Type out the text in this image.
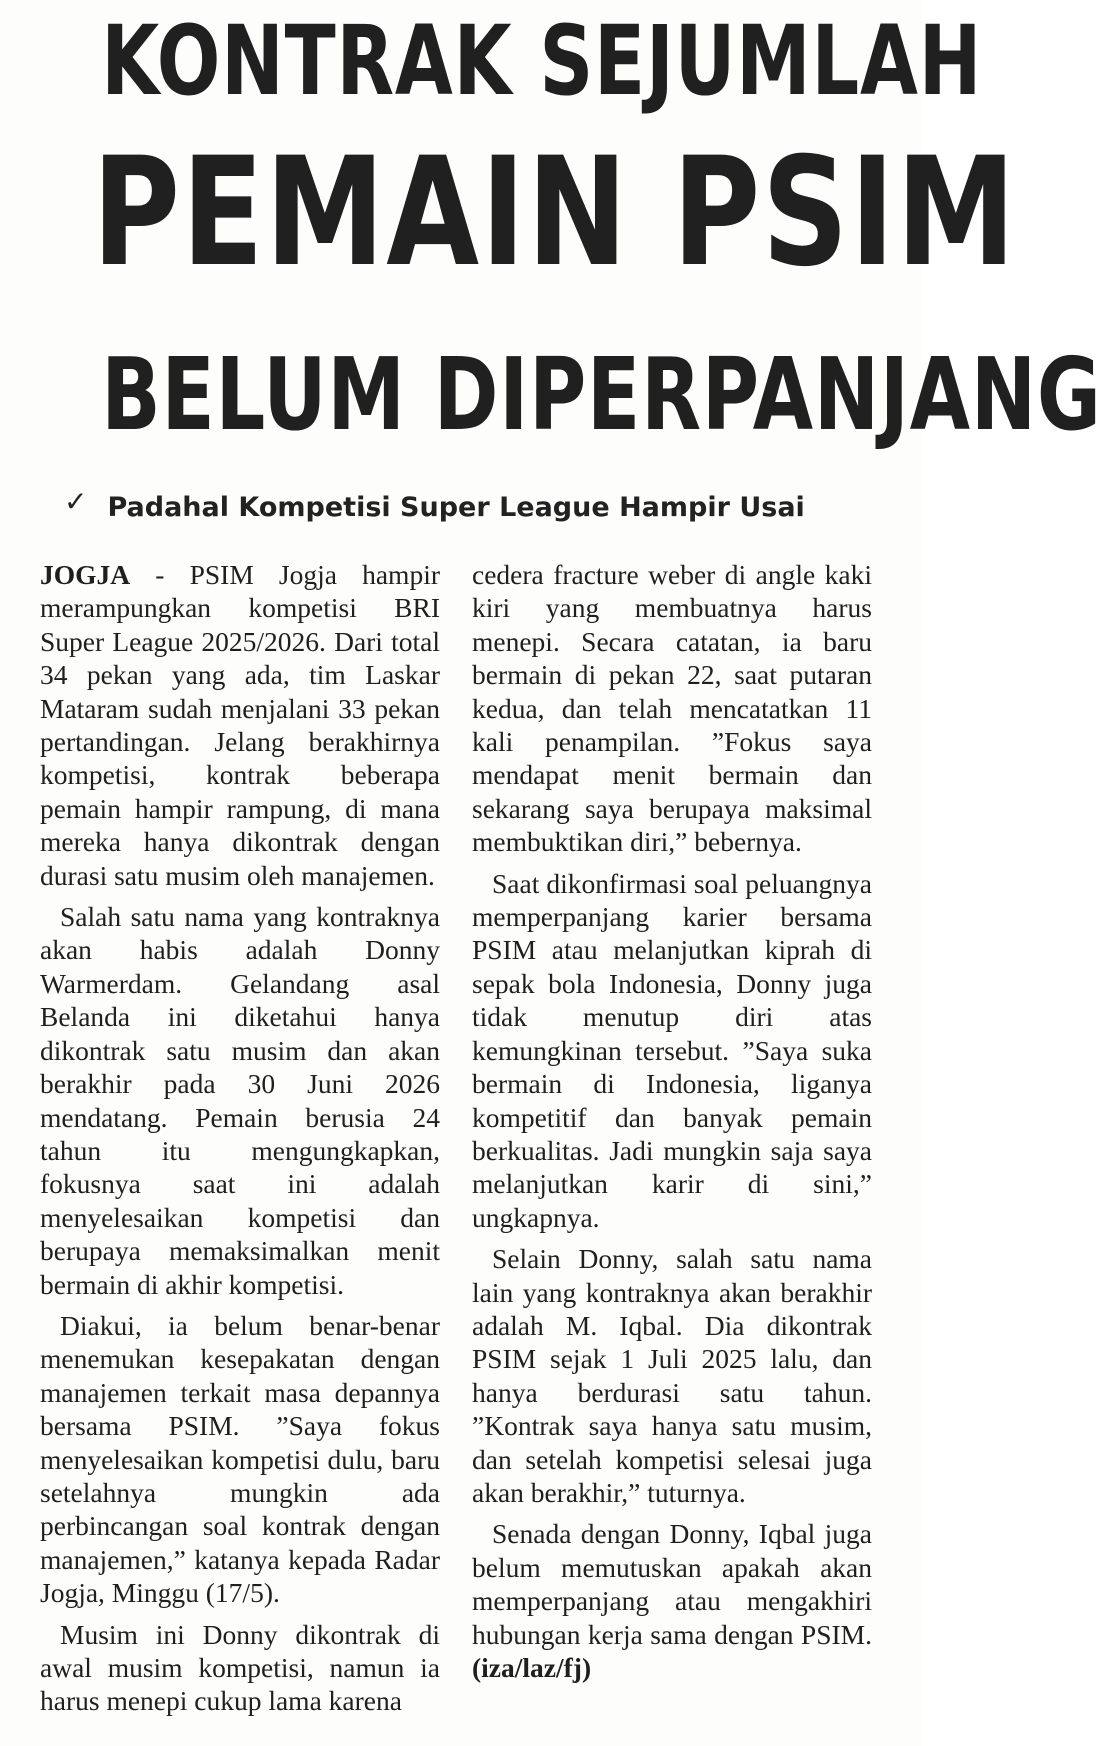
KONTRAK SEJUMLAH
PEMAIN PSIM
BELUM DIPERPANJANG
✓ Padahal Kompetisi Super League Hampir Usai

JOGJA - PSIM Jogja hampir merampungkan kompetisi BRI Super League 2025/2026. Dari total 34 pekan yang ada, tim Laskar Mataram sudah menjalani 33 pekan pertandingan. Jelang berakhirnya kompetisi, kontrak beberapa pemain hampir rampung, di mana mereka hanya dikontrak dengan durasi satu musim oleh manajemen.

Salah satu nama yang kontraknya akan habis adalah Donny Warmerdam. Gelandang asal Belanda ini diketahui hanya dikontrak satu musim dan akan berakhir pada 30 Juni 2026 mendatang. Pemain berusia 24 tahun itu mengungkapkan, fokusnya saat ini adalah menyelesaikan kompetisi dan berupaya memaksimalkan menit bermain di akhir kompetisi.

Diakui, ia belum benar-benar menemukan kesepakatan dengan manajemen terkait masa depannya bersama PSIM. ”Saya fokus menyelesaikan kompetisi dulu, baru setelahnya mungkin ada perbincangan soal kontrak dengan manajemen,” katanya kepada Radar Jogja, Minggu (17/5).

Musim ini Donny dikontrak di awal musim kompetisi, namun ia harus menepi cukup lama karena

cedera fracture weber di angle kaki kiri yang membuatnya harus menepi. Secara catatan, ia baru bermain di pekan 22, saat putaran kedua, dan telah mencatatkan 11 kali penampilan. ”Fokus saya mendapat menit bermain dan sekarang saya berupaya maksimal membuktikan diri,” bebernya.

Saat dikonfirmasi soal peluangnya memperpanjang karier bersama PSIM atau melanjutkan kiprah di sepak bola Indonesia, Donny juga tidak menutup diri atas kemungkinan tersebut. ”Saya suka bermain di Indonesia, liganya kompetitif dan banyak pemain berkualitas. Jadi mungkin saja saya melanjutkan karir di sini,” ungkapnya.

Selain Donny, salah satu nama lain yang kontraknya akan berakhir adalah M. Iqbal. Dia dikontrak PSIM sejak 1 Juli 2025 lalu, dan hanya berdurasi satu tahun. ”Kontrak saya hanya satu musim, dan setelah kompetisi selesai juga akan berakhir,” tuturnya.

Senada dengan Donny, Iqbal juga belum memutuskan apakah akan memperpanjang atau mengakhiri hubungan kerja sama dengan PSIM. (iza/laz/fj)
